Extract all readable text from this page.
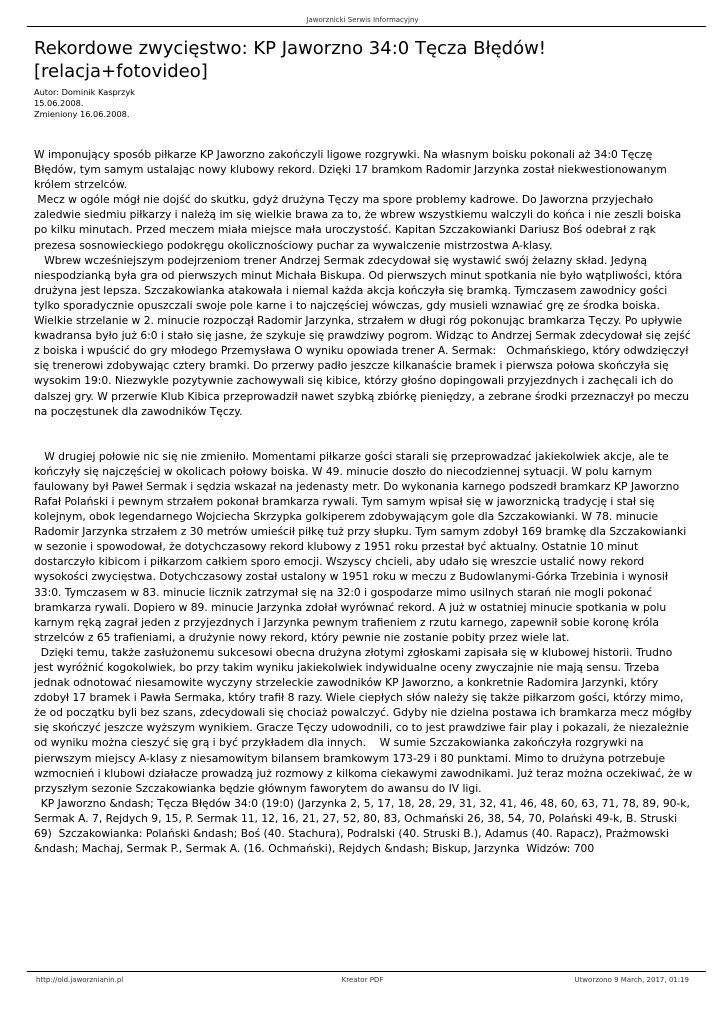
Jaworznicki Serwis Informacyjny
Rekordowe zwycięstwo: KP Jaworzno 34:0 Tęcza Błędów! [relacja+fotovideo]
Autor: Dominik Kasprzyk
15.06.2008.
Zmieniony 16.06.2008.

W imponujący sposób piłkarze KP Jaworzno zakończyli ligowe rozgrywki. Na własnym boisku pokonali aż 34:0 Tęczę Błędów, tym samym ustalając nowy klubowy rekord. Dzięki 17 bramkom Radomir Jarzynka został niekwestionowanym królem strzelców.

Mecz w ogóle mógł nie dojść do skutku, gdyż drużyna Tęczy ma spore problemy kadrowe. Do Jaworzna przyjechało zaledwie siedmiu piłkarzy i należą im się wielkie brawa za to, że wbrew wszystkiemu walczyli do końca i nie zeszli boiska po kilku minutach. Przed meczem miała miejsce mała uroczystość. Kapitan Szczakowianki Dariusz Boś odebrał z rąk prezesa sosnowieckiego podokręgu okolicznościowy puchar za wywalczenie mistrzostwa A-klasy.

Wbrew wcześniejszym podejrzeniom trener Andrzej Sermak zdecydował się wystawić swój żelazny skład. Jedyną niespodzianką była gra od pierwszych minut Michała Biskupa. Od pierwszych minut spotkania nie było wątpliwości, która drużyna jest lepsza. Szczakowianka atakowała i niemal każda akcja kończyła się bramką. Tymczasem zawodnicy gości tylko sporadycznie opuszczali swoje pole karne i to najczęściej wówczas, gdy musieli wznawiać grę ze środka boiska. Wielkie strzelanie w 2. minucie rozpoczął Radomir Jarzynka, strzałem w długi róg pokonując bramkarza Tęczy. Po upływie kwadransa było już 6:0 i stało się jasne, że szykuje się prawdziwy pogrom. Widząc to Andrzej Sermak zdecydował się zejść z boiska i wpuścić do gry młodego Przemysława O wyniku opowiada trener A. Sermak:   Ochmańskiego, który odwdzięczył się trenerowi zdobywając cztery bramki. Do przerwy padło jeszcze kilkanaście bramek i pierwsza połowa skończyła się wysokim 19:0. Niezwykle pozytywnie zachowywali się kibice, którzy głośno dopingowali przyjezdnych i zachęcali ich do dalszej gry. W przerwie Klub Kibica przeprowadził nawet szybką zbiórkę pieniędzy, a zebrane środki przeznaczył po meczu na poczęstunek dla zawodników Tęczy.

W drugiej połowie nic się nie zmieniło. Momentami piłkarze gości starali się przeprowadzać jakiekolwiek akcje, ale te kończyły się najczęściej w okolicach połowy boiska. W 49. minucie doszło do niecodziennej sytuacji. W polu karnym faulowany był Paweł Sermak i sędzia wskazał na jedenasty metr. Do wykonania karnego podszedł bramkarz KP Jaworzno Rafał Polański i pewnym strzałem pokonał bramkarza rywali. Tym samym wpisał się w jaworznicką tradycję i stał się kolejnym, obok legendarnego Wojciecha Skrzypka golkiperem zdobywającym gole dla Szczakowianki. W 78. minucie Radomir Jarzynka strzałem z 30 metrów umieścił piłkę tuż przy słupku. Tym samym zdobył 169 bramkę dla Szczakowianki w sezonie i spowodował, że dotychczasowy rekord klubowy z 1951 roku przestał być aktualny. Ostatnie 10 minut dostarczyło kibicom i piłkarzom całkiem sporo emocji. Wszyscy chcieli, aby udało się wreszcie ustalić nowy rekord wysokości zwycięstwa. Dotychczasowy został ustalony w 1951 roku w meczu z Budowlanymi-Górka Trzebinia i wynosił 33:0. Tymczasem w 83. minucie licznik zatrzymał się na 32:0 i gospodarze mimo usilnych starań nie mogli pokonać bramkarza rywali. Dopiero w 89. minucie Jarzynka zdołał wyrównać rekord. A już w ostatniej minucie spotkania w polu karnym ręką zagrał jeden z przyjezdnych i Jarzynka pewnym trafieniem z rzutu karnego, zapewnił sobie koronę króla strzelców z 65 trafieniami, a drużynie nowy rekord, który pewnie nie zostanie pobity przez wiele lat.

Dzięki temu, także zasłużonemu sukcesowi obecna drużyna złotymi zgłoskami zapisała się w klubowej historii. Trudno jest wyróżnić kogokolwiek, bo przy takim wyniku jakiekolwiek indywidualne oceny zwyczajnie nie mają sensu. Trzeba jednak odnotować niesamowite wyczyny strzeleckie zawodników KP Jaworzno, a konkretnie Radomira Jarzynki, który zdobył 17 bramek i Pawła Sermaka, który trafił 8 razy. Wiele ciepłych słów należy się także piłkarzom gości, którzy mimo, że od początku byli bez szans, zdecydowali się chociaż powalczyć. Gdyby nie dzielna postawa ich bramkarza mecz mógłby się skończyć jeszcze wyższym wynikiem. Gracze Tęczy udowodnili, co to jest prawdziwe fair play i pokazali, że niezależnie od wyniku można cieszyć się grą i być przykładem dla innych.    W sumie Szczakowianka zakończyła rozgrywki na pierwszym miejscy A-klasy z niesamowitym bilansem bramkowym 173-29 i 80 punktami. Mimo to drużyna potrzebuje wzmocnień i klubowi działacze prowadzą już rozmowy z kilkoma ciekawymi zawodnikami. Już teraz można oczekiwać, że w przyszłym sezonie Szczakowianka będzie głównym faworytem do awansu do IV ligi.

KP Jaworzno &ndash; Tęcza Błędów 34:0 (19:0) (Jarzynka 2, 5, 17, 18, 28, 29, 31, 32, 41, 46, 48, 60, 63, 71, 78, 89, 90-k, Sermak A. 7, Rejdych 9, 15, P. Sermak 11, 12, 16, 21, 27, 52, 80, 83, Ochmański 26, 38, 54, 70, Polański 49-k, B. Struski 69)  Szczakowianka: Polański &ndash; Boś (40. Stachura), Podralski (40. Struski B.), Adamus (40. Rapacz), Prażmowski &ndash; Machaj, Sermak P., Sermak A. (16. Ochmański), Rejdych &ndash; Biskup, Jarzynka  Widzów: 700

http://old.jaworznianin.pl	Kreator PDF	Utworzono 9 March, 2017, 01:19
